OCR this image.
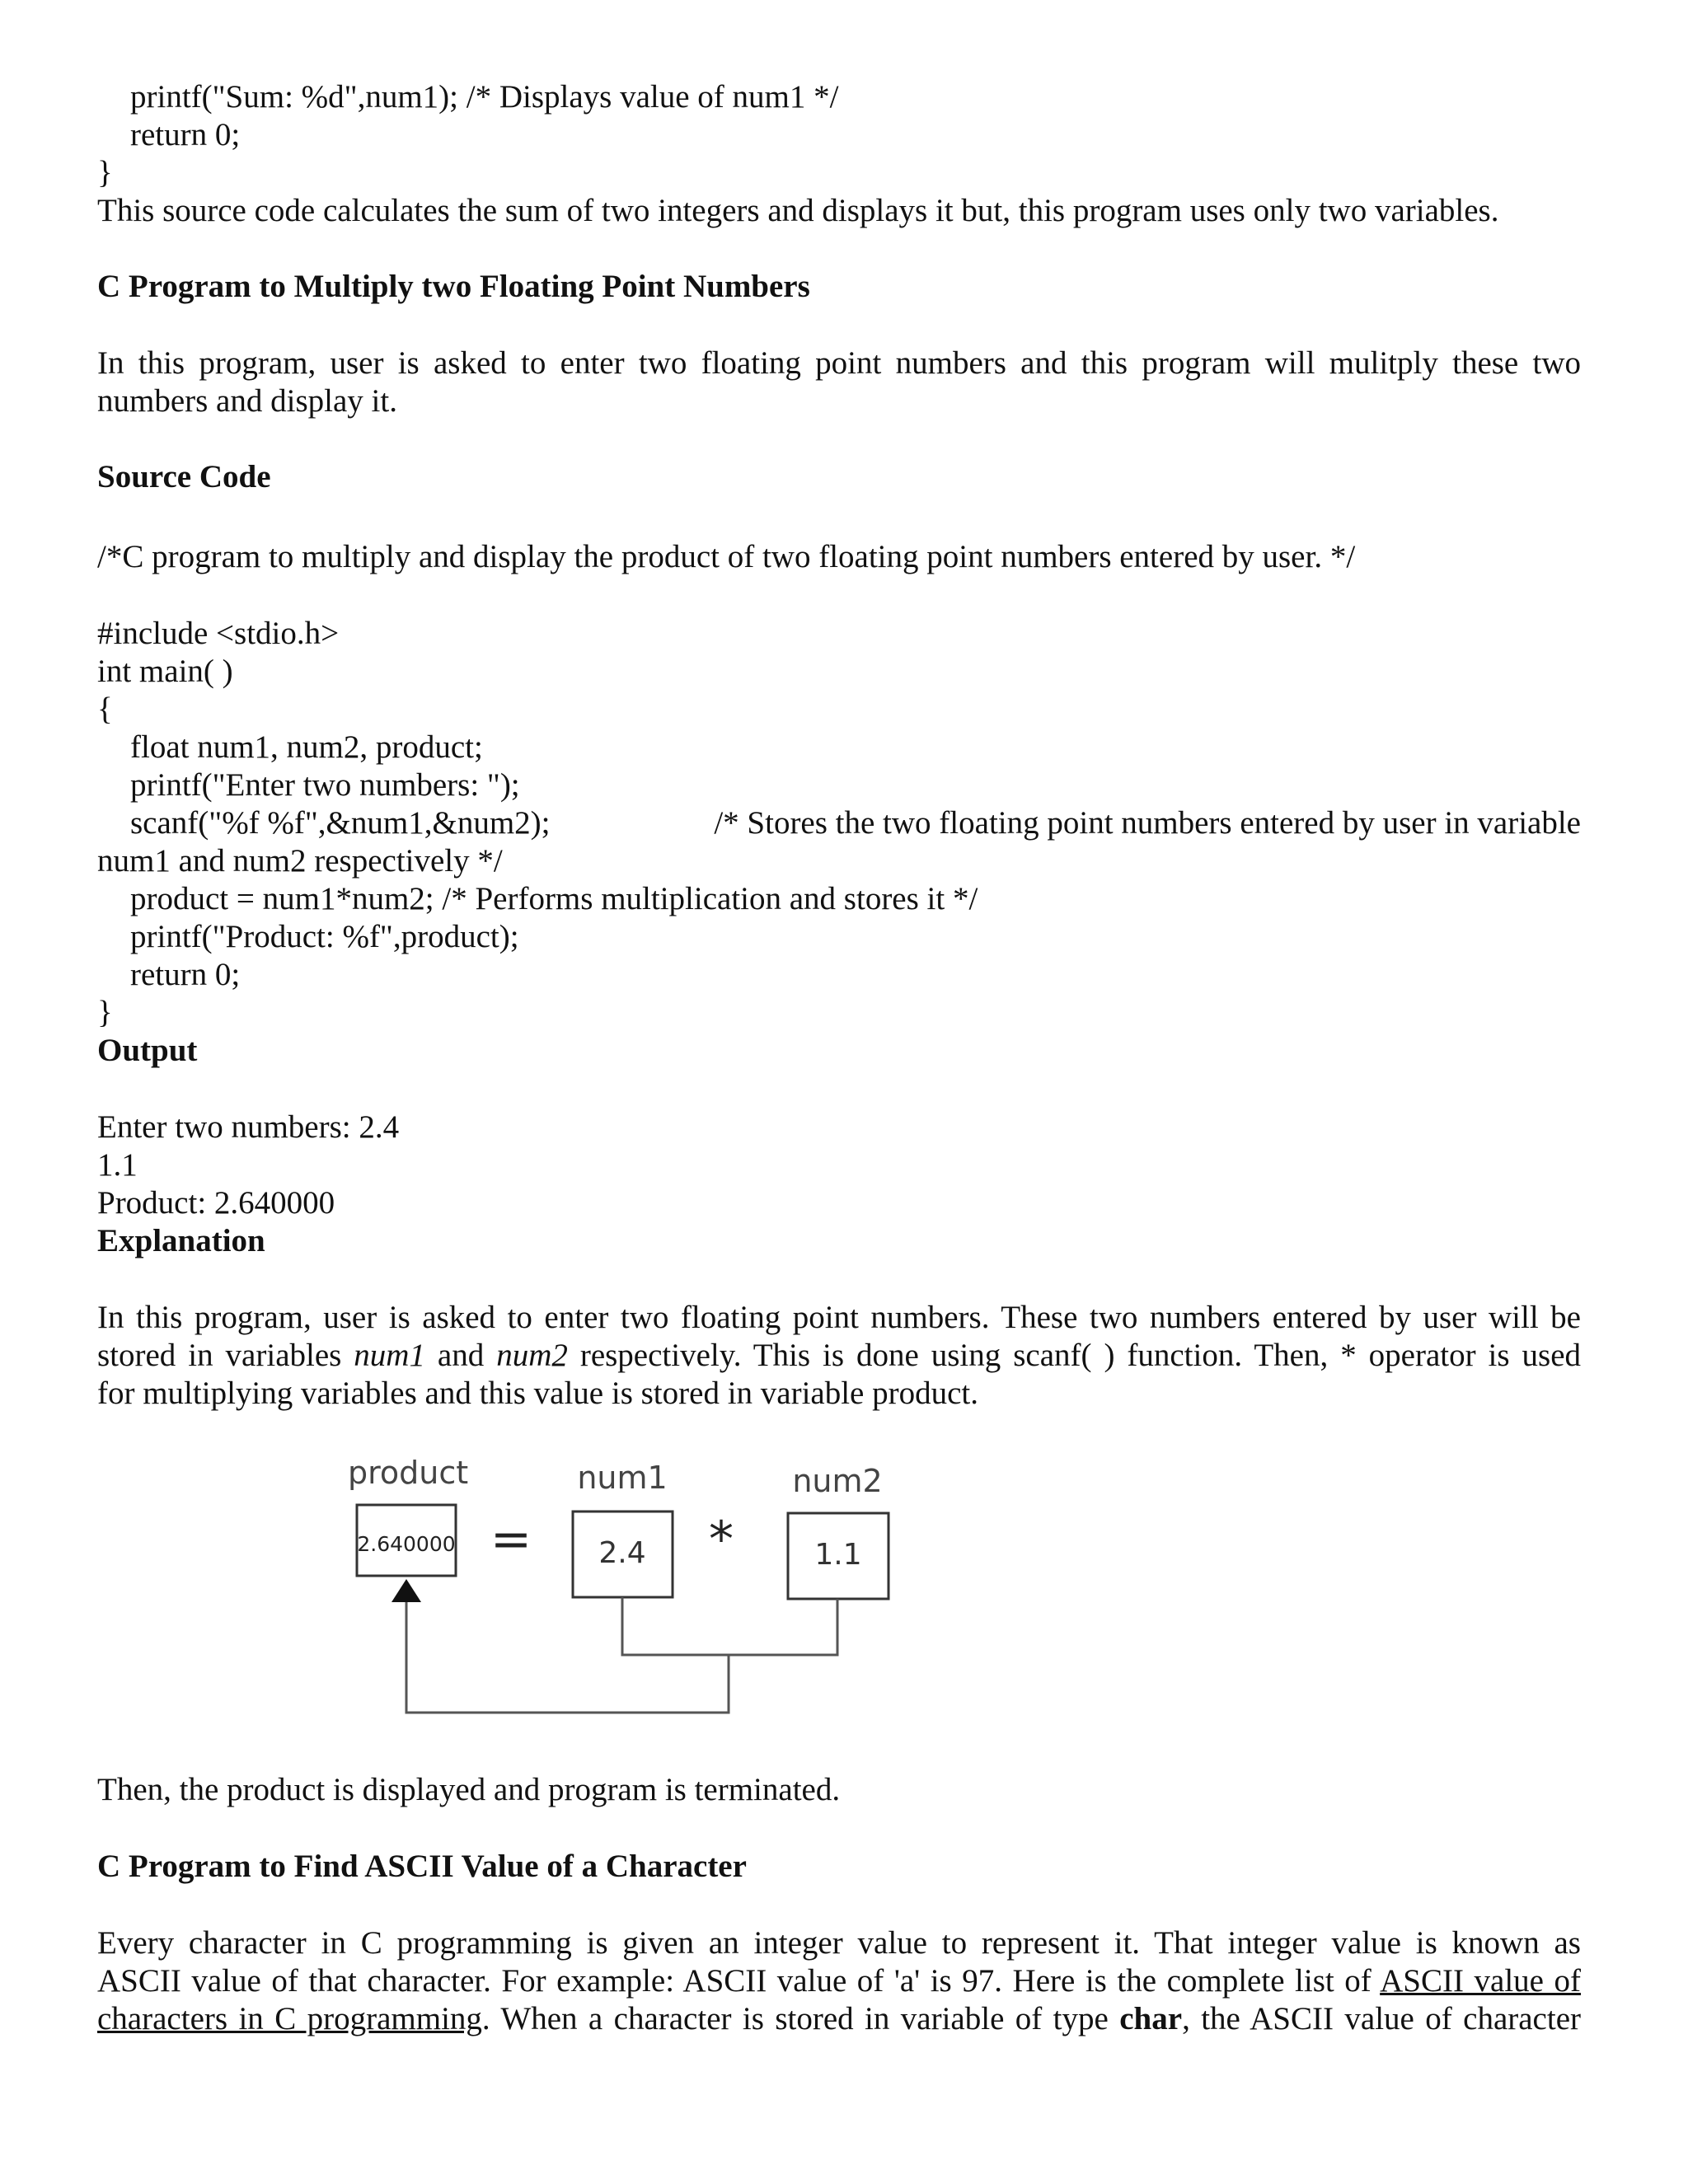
printf("Sum: %d",num1); /* Displays value of num1 */
return 0;
}
This source code calculates the sum of two integers and displays it but, this program uses only two variables.
C Program to Multiply two Floating Point Numbers
In this program, user is asked to enter two floating point numbers and this program will mulitply these two numbers and display it.
Source Code
/*C program to multiply and display the product of two floating point numbers entered by user. */
#include <stdio.h>
int main( )
{
float num1, num2, product;
printf("Enter two numbers: ");
scanf("%f %f",&num1,&num2);	/* Stores the two floating point numbers entered by user in variable
num1 and num2 respectively */
product = num1*num2; /* Performs multiplication and stores it */
printf("Product: %f",product);
return 0;
}
Output
Enter two numbers: 2.4
1.1
Product: 2.640000
Explanation
In this program, user is asked to enter two floating point numbers. These two numbers entered by user will be
stored in variables num1 and num2 respectively. This is done using scanf( ) function. Then, * operator is used
for multiplying variables and this value is stored in variable product.
product
2.640000 =
num1
2.4 *
num2
1.1
Then, the product is displayed and program is terminated.
C Program to Find ASCII Value of a Character
Every character in C programming is given an integer value to represent it. That integer value is known as
ASCII value of that character. For example: ASCII value of 'a' is 97. Here is the complete list of ASCII value of
characters in C programming. When a character is stored in variable of type char, the ASCII value of character
